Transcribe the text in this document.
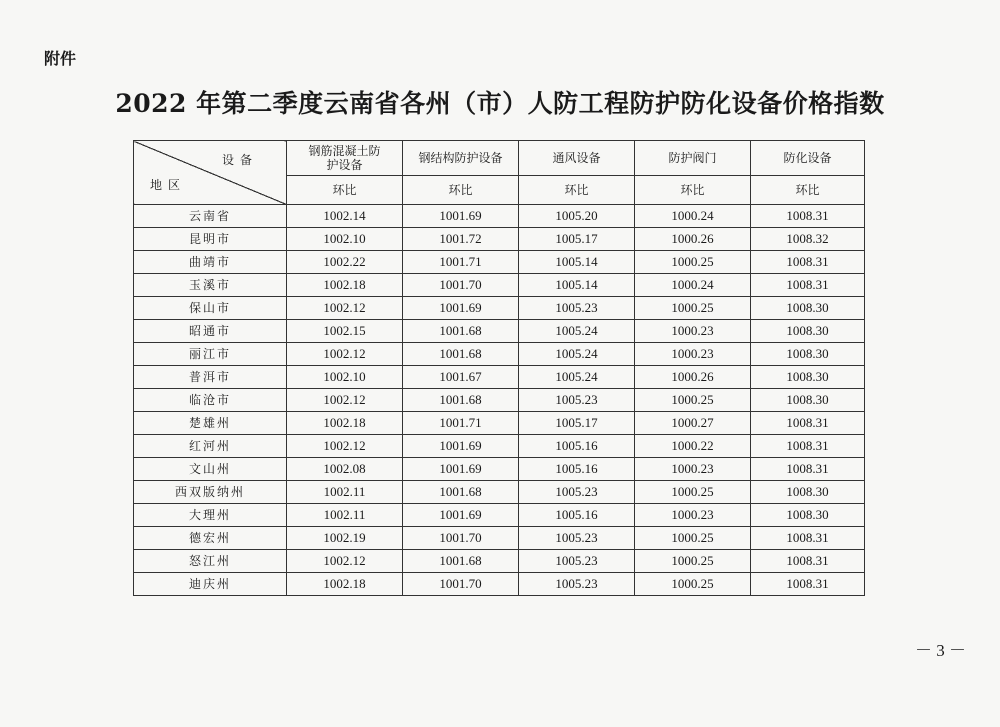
附件
2022 年第二季度云南省各州（市）人防工程防护防化设备价格指数
设备
地区	钢筋混凝土防护设备	钢结构防护设备	通风设备	防护阀门	防化设备
	环比	环比	环比	环比	环比
云南省	1002.14	1001.69	1005.20	1000.24	1008.31
昆明市	1002.10	1001.72	1005.17	1000.26	1008.32
曲靖市	1002.22	1001.71	1005.14	1000.25	1008.31
玉溪市	1002.18	1001.70	1005.14	1000.24	1008.31
保山市	1002.12	1001.69	1005.23	1000.25	1008.30
昭通市	1002.15	1001.68	1005.24	1000.23	1008.30
丽江市	1002.12	1001.68	1005.24	1000.23	1008.30
普洱市	1002.10	1001.67	1005.24	1000.26	1008.30
临沧市	1002.12	1001.68	1005.23	1000.25	1008.30
楚雄州	1002.18	1001.71	1005.17	1000.27	1008.31
红河州	1002.12	1001.69	1005.16	1000.22	1008.31
文山州	1002.08	1001.69	1005.16	1000.23	1008.31
西双版纳州	1002.11	1001.68	1005.23	1000.25	1008.30
大理州	1002.11	1001.69	1005.16	1000.23	1008.30
德宏州	1002.19	1001.70	1005.23	1000.25	1008.31
怒江州	1002.12	1001.68	1005.23	1000.25	1008.31
迪庆州	1002.18	1001.70	1005.23	1000.25	1008.31
－ 3 －
